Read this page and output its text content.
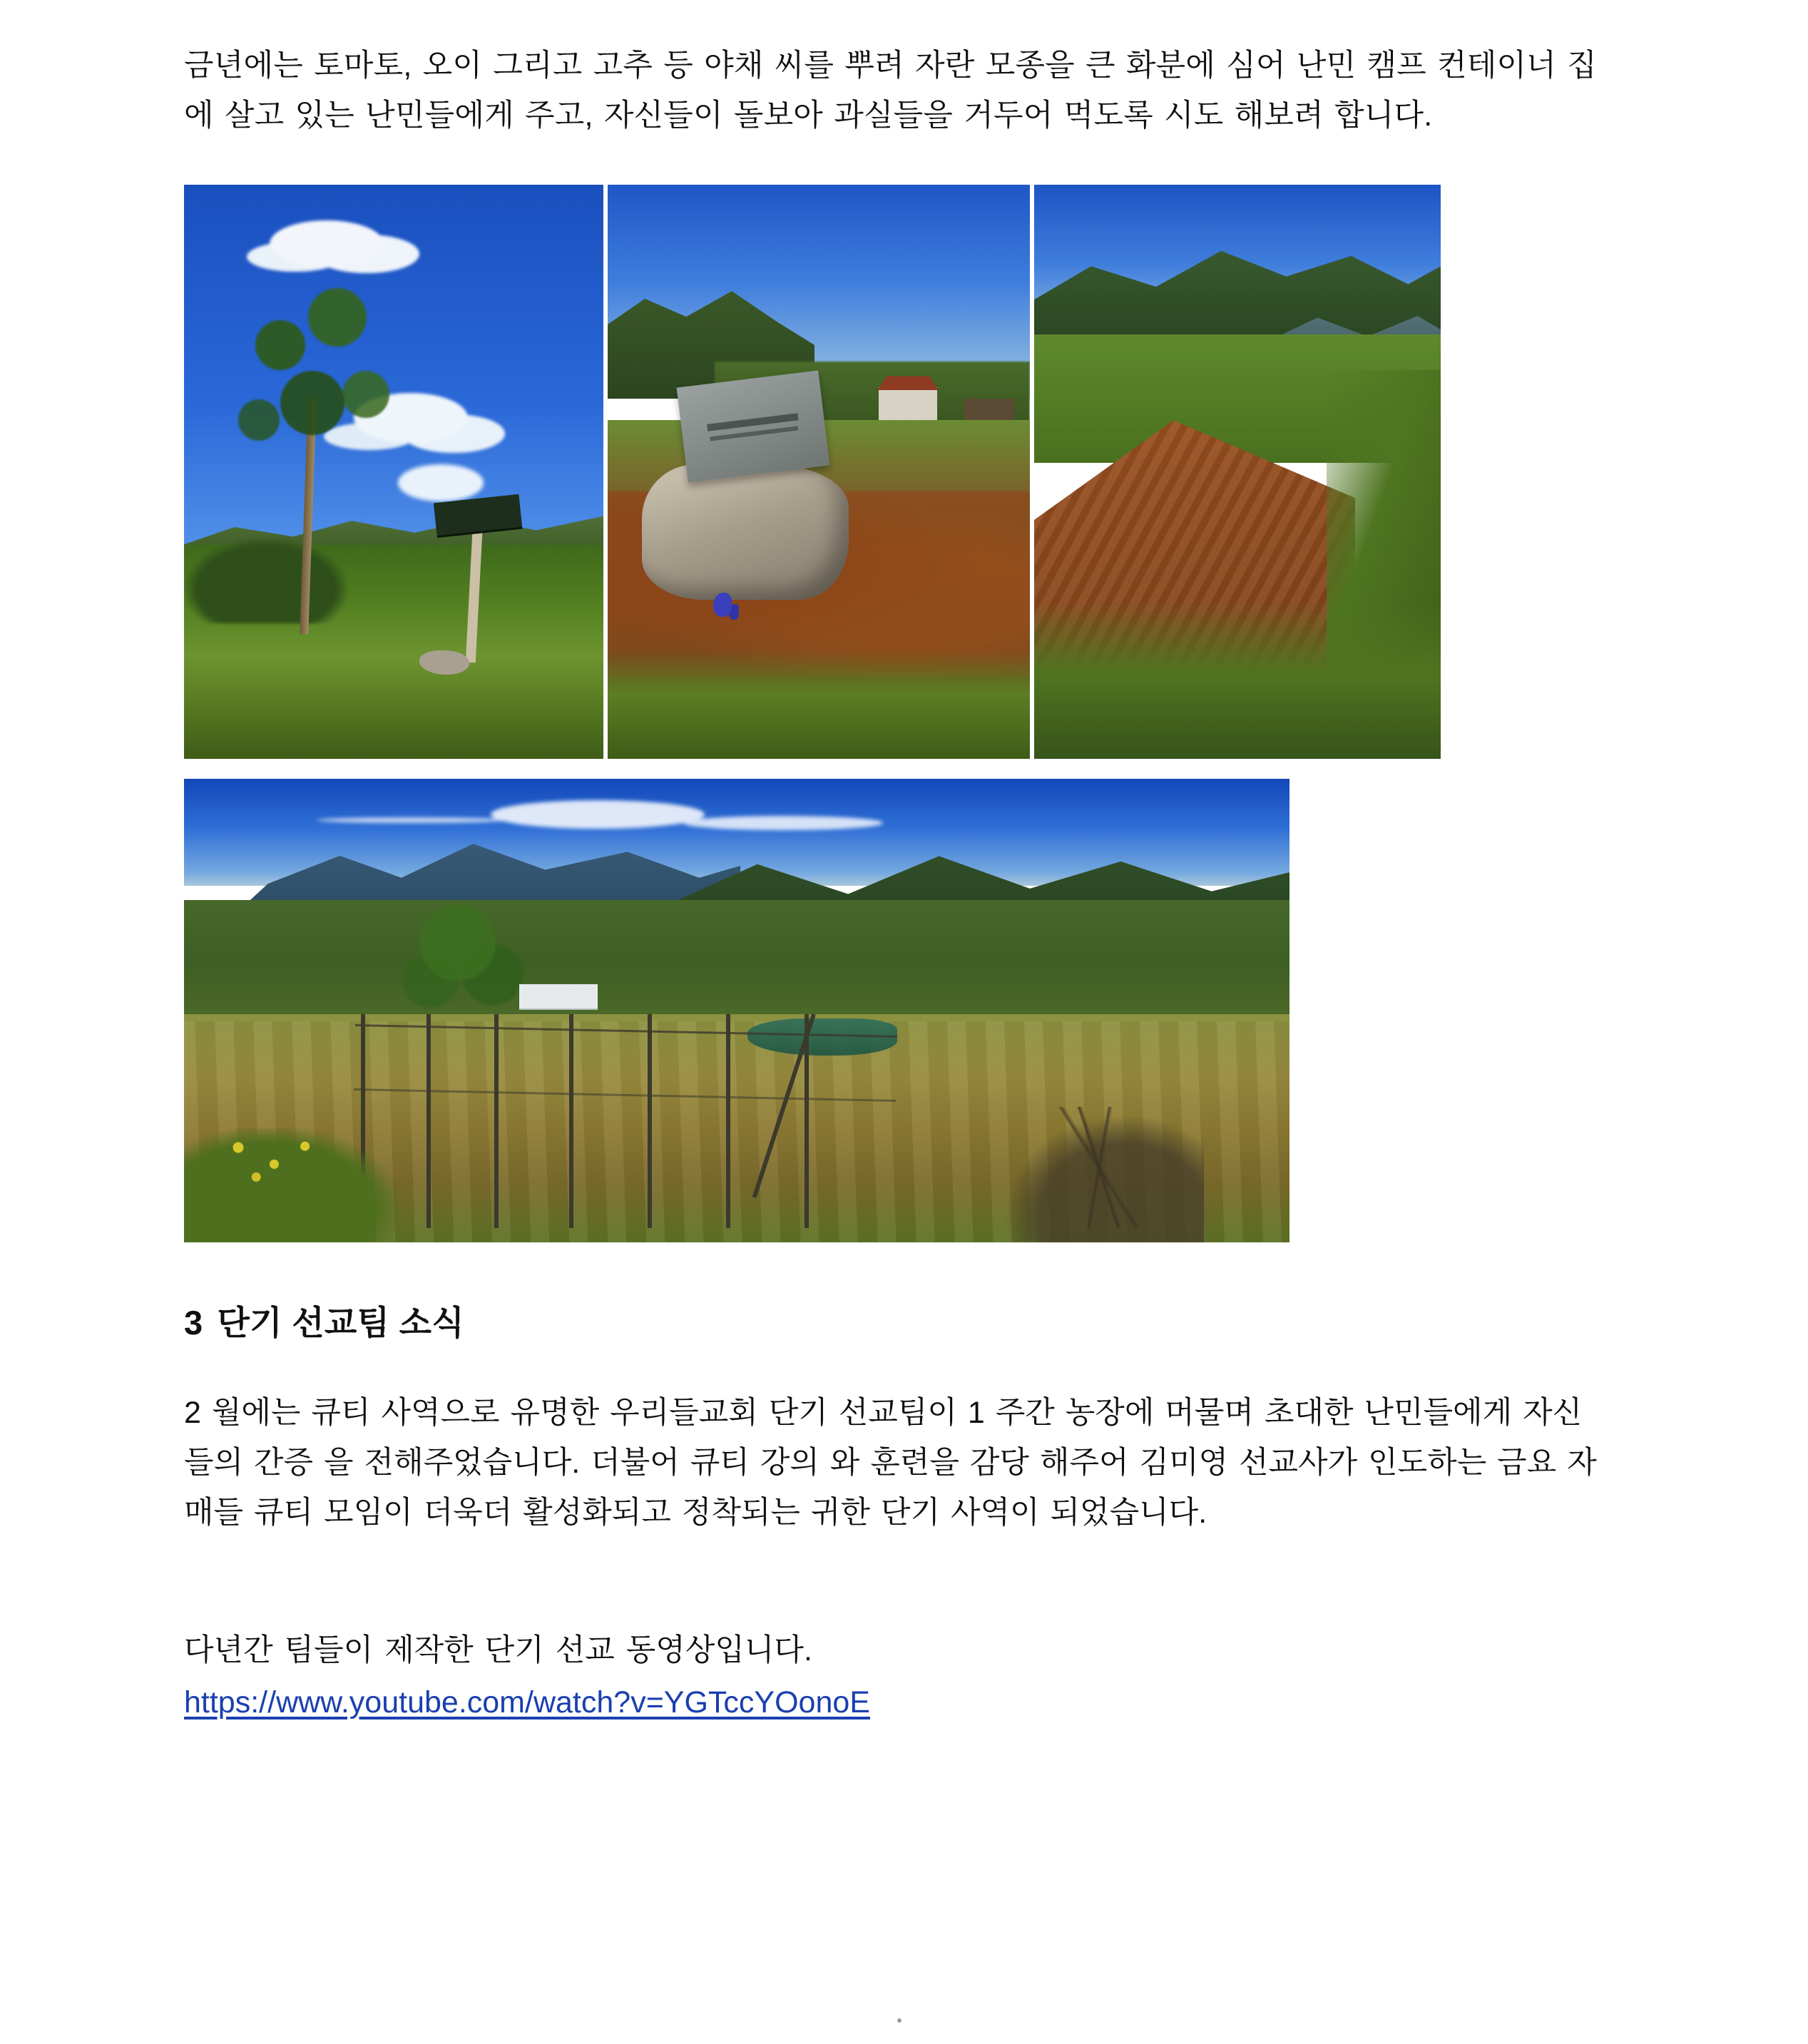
금년에는 토마토, 오이 그리고 고추 등 야채 씨를 뿌려 자란 모종을 큰 화분에 심어 난민 캠프 컨테이너 집에 살고 있는 난민들에게 주고, 자신들이 돌보아 과실들을 거두어 먹도록 시도 해보려 합니다.

3 단기 선교팀 소식

2 월에는 큐티 사역으로 유명한 우리들교회 단기 선교팀이 1 주간 농장에 머물며 초대한 난민들에게 자신들의 간증 을 전해주었습니다. 더불어 큐티 강의 와 훈련을 감당 해주어 김미영 선교사가 인도하는 금요 자매들 큐티 모임이 더욱더 활성화되고 정착되는 귀한 단기 사역이 되었습니다.

다년간 팀들이 제작한 단기 선교 동영상입니다.

https://www.youtube.com/watch?v=YGTccYOonoE
